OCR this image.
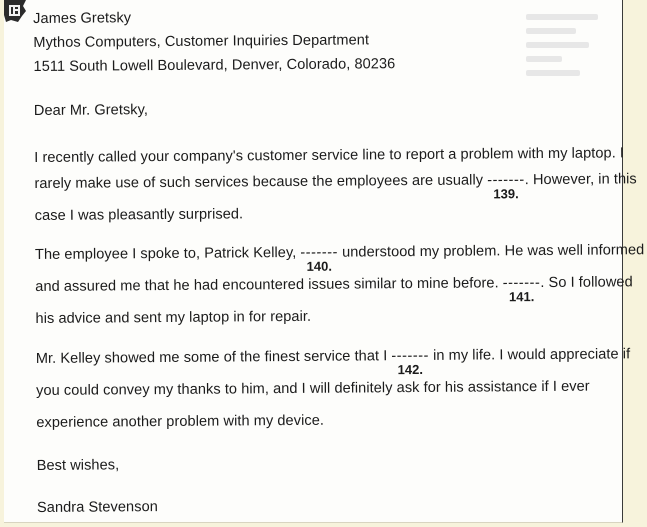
James Gretsky
Mythos Computers, Customer Inquiries Department
1511 South Lowell Boulevard, Denver, Colorado, 80236
Dear Mr. Gretsky,
I recently called your company's customer service line to report a problem with my laptop. I
rarely make use of such services because the employees are usually -------
139.
. However, in this
case I was pleasantly surprised.
The employee I spoke to, Patrick Kelley, -------
140.
understood my problem. He was well informed
and assured me that he had encountered issues similar to mine before. -------
141.
. So I followed
his advice and sent my laptop in for repair.
Mr. Kelley showed me some of the finest service that I -------
142.
in my life. I would appreciate if
you could convey my thanks to him, and I will definitely ask for his assistance if I ever
experience another problem with my device.
Best wishes,
Sandra Stevenson
